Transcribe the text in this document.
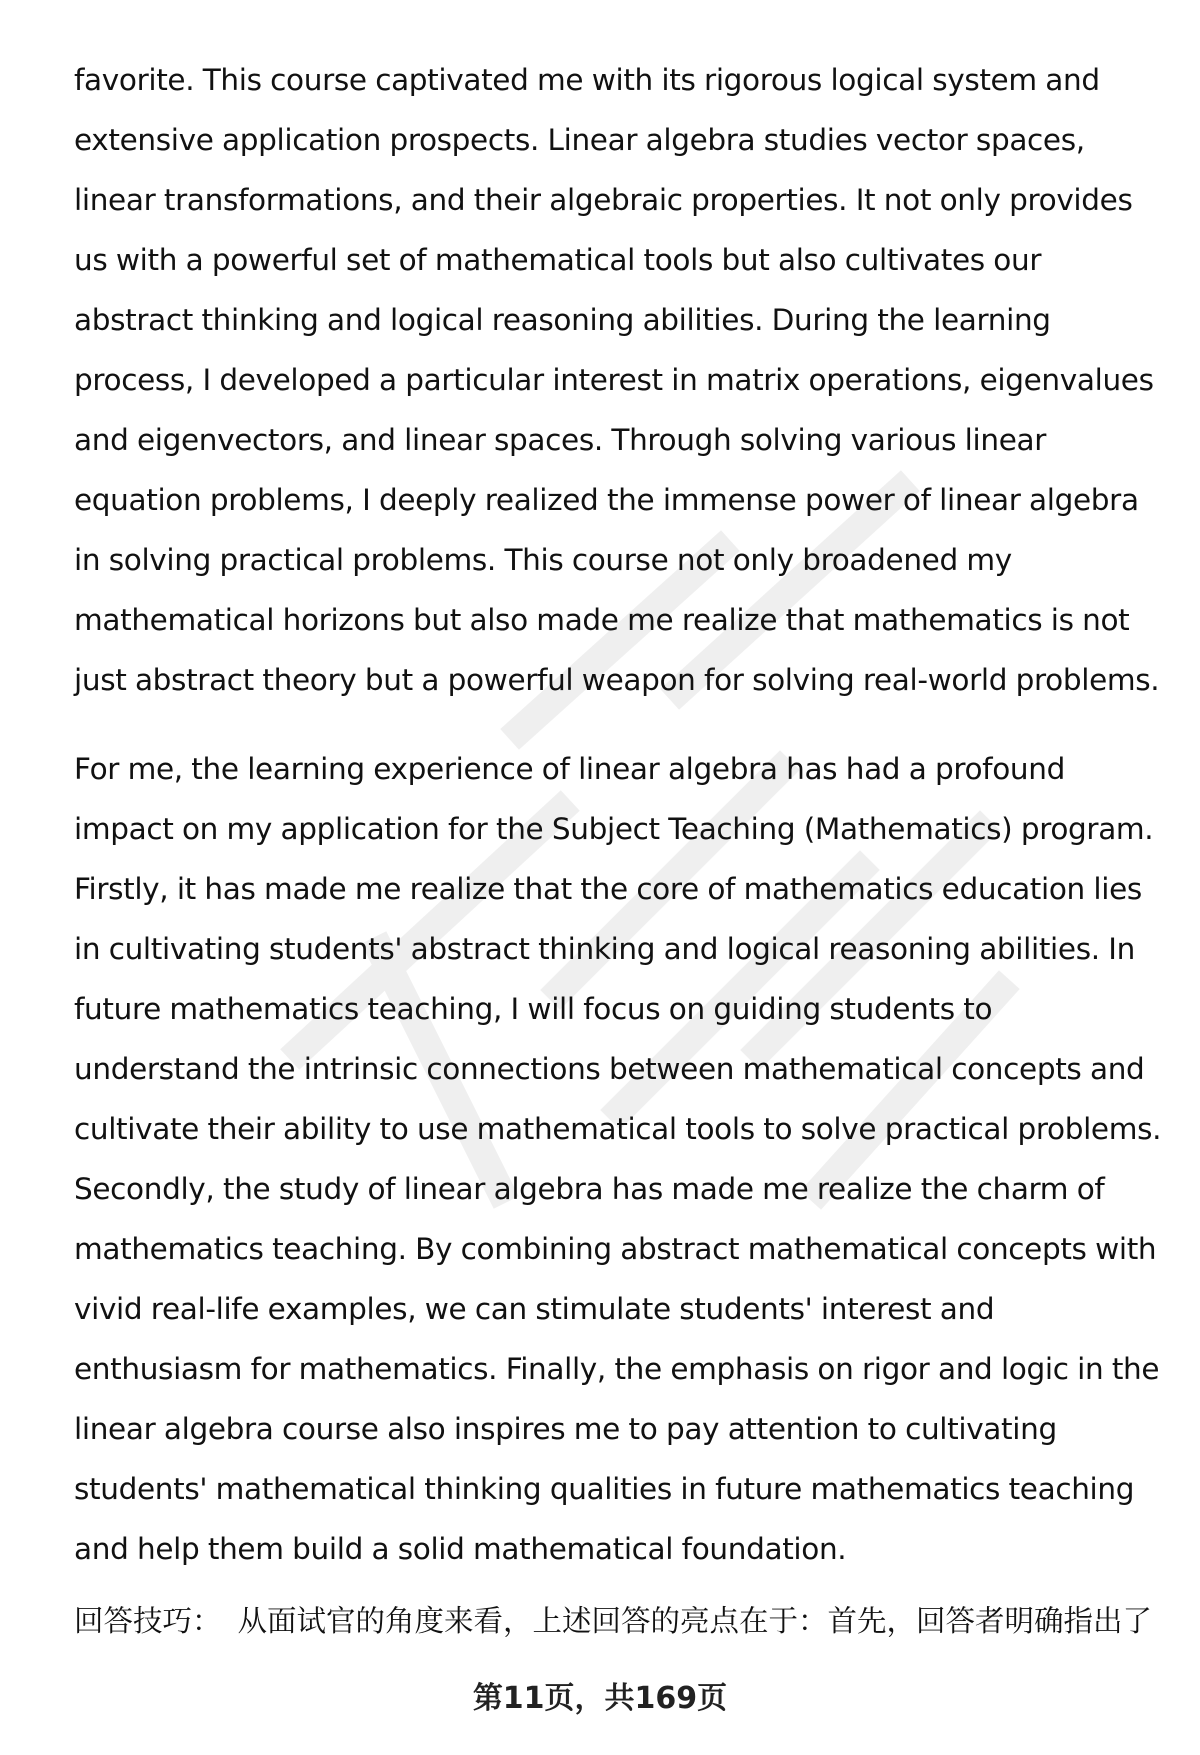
favorite. This course captivated me with its rigorous logical system and extensive application prospects. Linear algebra studies vector spaces, linear transformations, and their algebraic properties. It not only provides us with a powerful set of mathematical tools but also cultivates our abstract thinking and logical reasoning abilities. During the learning process, I developed a particular interest in matrix operations, eigenvalues and eigenvectors, and linear spaces. Through solving various linear equation problems, I deeply realized the immense power of linear algebra in solving practical problems. This course not only broadened my mathematical horizons but also made me realize that mathematics is not just abstract theory but a powerful weapon for solving real-world problems.

For me, the learning experience of linear algebra has had a profound impact on my application for the Subject Teaching (Mathematics) program. Firstly, it has made me realize that the core of mathematics education lies in cultivating students' abstract thinking and logical reasoning abilities. In future mathematics teaching, I will focus on guiding students to understand the intrinsic connections between mathematical concepts and cultivate their ability to use mathematical tools to solve practical problems. Secondly, the study of linear algebra has made me realize the charm of mathematics teaching. By combining abstract mathematical concepts with vivid real-life examples, we can stimulate students' interest and enthusiasm for mathematics. Finally, the emphasis on rigor and logic in the linear algebra course also inspires me to pay attention to cultivating students' mathematical thinking qualities in future mathematics teaching and help them build a solid mathematical foundation.

回答技巧： 从面试官的角度来看，上述回答的亮点在于：首先，回答者明确指出了
第11页，共169页
